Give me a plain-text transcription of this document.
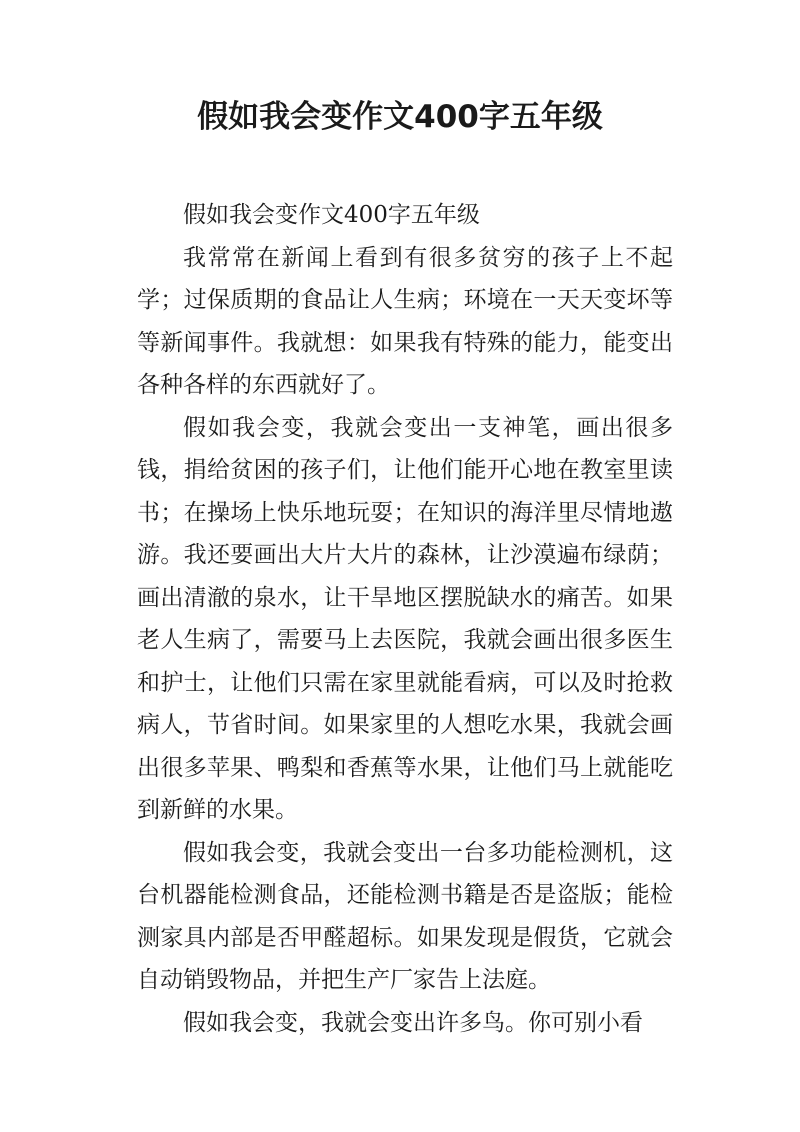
假如我会变作文400字五年级

假如我会变作文400字五年级

我常常在新闻上看到有很多贫穷的孩子上不起学；过保质期的食品让人生病；环境在一天天变坏等等新闻事件。我就想：如果我有特殊的能力，能变出各种各样的东西就好了。

假如我会变，我就会变出一支神笔，画出很多钱，捐给贫困的孩子们，让他们能开心地在教室里读书；在操场上快乐地玩耍；在知识的海洋里尽情地遨游。我还要画出大片大片的森林，让沙漠遍布绿荫；画出清澈的泉水，让干旱地区摆脱缺水的痛苦。如果老人生病了，需要马上去医院，我就会画出很多医生和护士，让他们只需在家里就能看病，可以及时抢救病人，节省时间。如果家里的人想吃水果，我就会画出很多苹果、鸭梨和香蕉等水果，让他们马上就能吃到新鲜的水果。

假如我会变，我就会变出一台多功能检测机，这台机器能检测食品，还能检测书籍是否是盗版；能检测家具内部是否甲醛超标。如果发现是假货，它就会自动销毁物品，并把生产厂家告上法庭。

假如我会变，我就会变出许多鸟。你可别小看
